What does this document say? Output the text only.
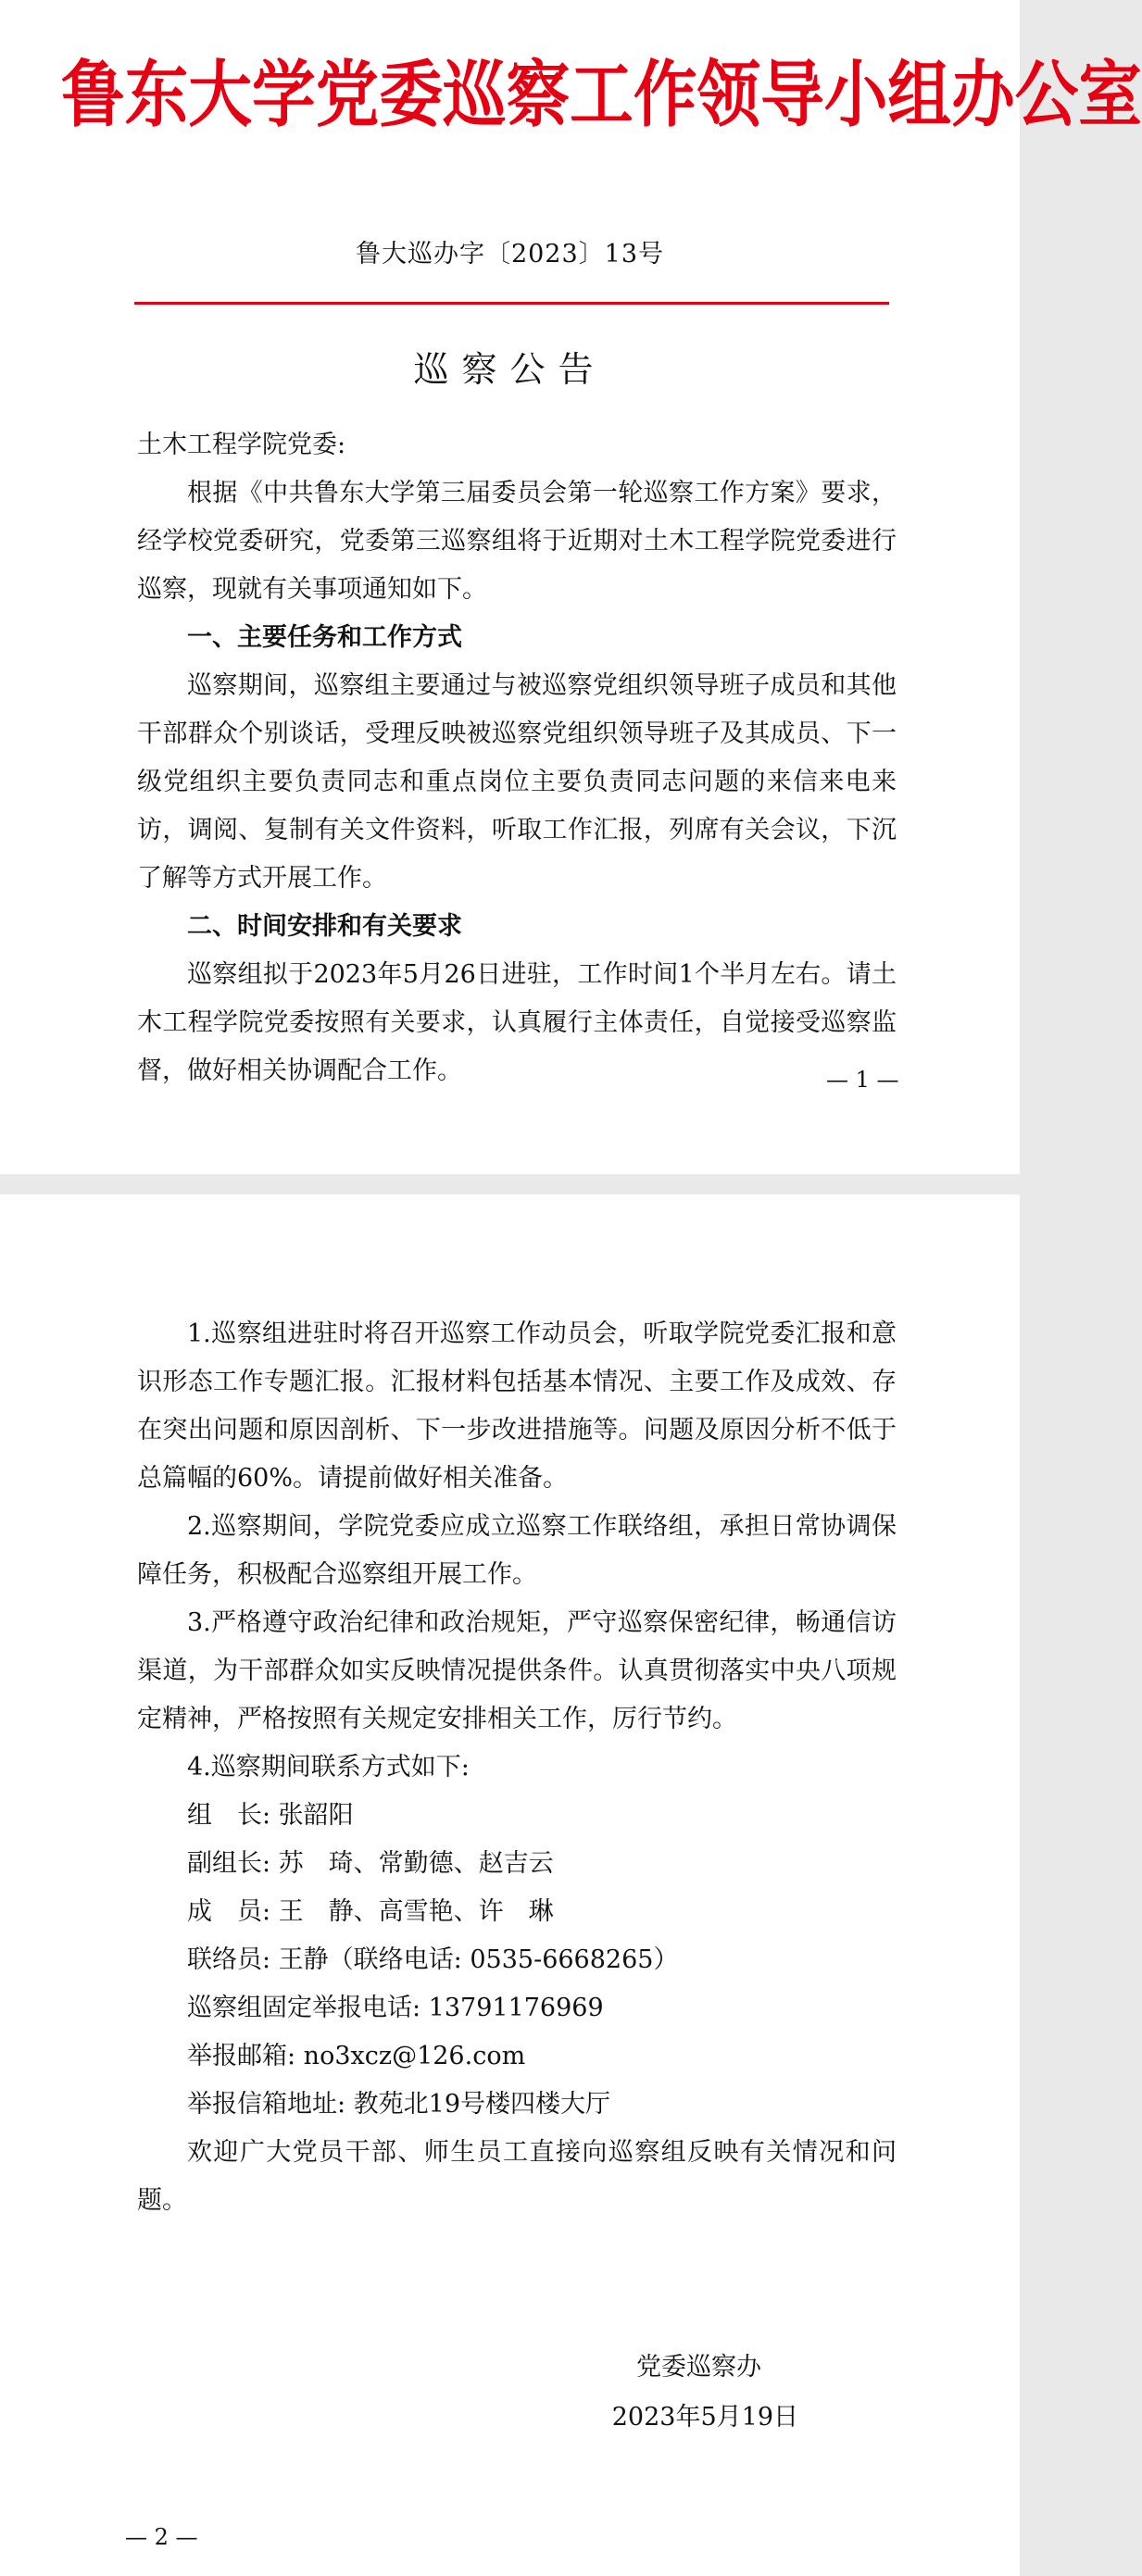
鲁东大学党委巡察工作领导小组办公室
鲁大巡办字〔2023〕13号
巡察公告

土木工程学院党委:

根据《中共鲁东大学第三届委员会第一轮巡察工作方案》要求，经学校党委研究，党委第三巡察组将于近期对土木工程学院党委进行巡察，现就有关事项通知如下。

一、主要任务和工作方式

巡察期间，巡察组主要通过与被巡察党组织领导班子成员和其他干部群众个别谈话，受理反映被巡察党组织领导班子及其成员、下一级党组织主要负责同志和重点岗位主要负责同志问题的来信来电来访，调阅、复制有关文件资料，听取工作汇报，列席有关会议，下沉了解等方式开展工作。

二、时间安排和有关要求

巡察组拟于2023年5月26日进驻，工作时间1个半月左右。请土木工程学院党委按照有关要求，认真履行主体责任，自觉接受巡察监督，做好相关协调配合工作。	— 1 —

1.巡察组进驻时将召开巡察工作动员会，听取学院党委汇报和意识形态工作专题汇报。汇报材料包括基本情况、主要工作及成效、存在突出问题和原因剖析、下一步改进措施等。问题及原因分析不低于总篇幅的60%。请提前做好相关准备。

2.巡察期间，学院党委应成立巡察工作联络组，承担日常协调保障任务，积极配合巡察组开展工作。

3.严格遵守政治纪律和政治规矩，严守巡察保密纪律，畅通信访渠道，为干部群众如实反映情况提供条件。认真贯彻落实中央八项规定精神，严格按照有关规定安排相关工作，厉行节约。

4.巡察期间联系方式如下:

组　长: 张韶阳

副组长: 苏　琦、常勤德、赵吉云

成　员: 王　静、高雪艳、许　琳

联络员: 王静（联络电话: 0535-6668265）

巡察组固定举报电话: 13791176969

举报邮箱: no3xcz@126.com

举报信箱地址: 教苑北19号楼四楼大厅

欢迎广大党员干部、师生员工直接向巡察组反映有关情况和问题。

党委巡察办
2023年5月19日
— 2 —
